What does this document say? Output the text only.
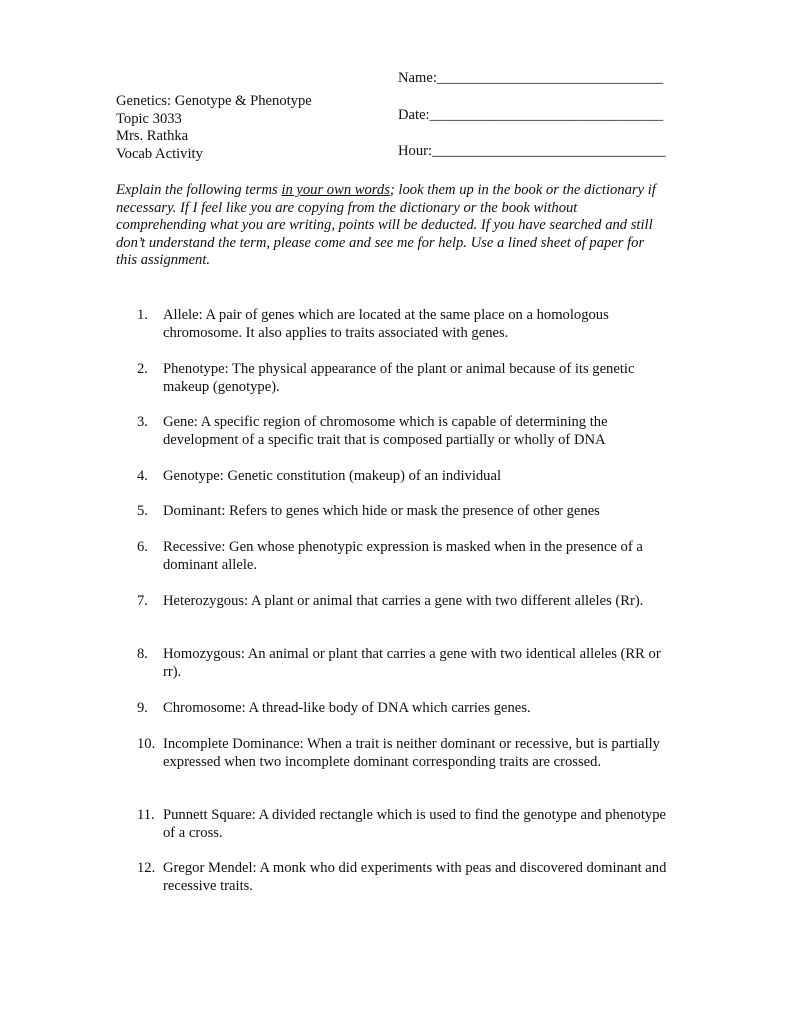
Genetics: Genotype & Phenotype
Topic 3033
Mrs. Rathka
Vocab Activity
Name:_______________________________
Date:________________________________
Hour:________________________________
Explain the following terms in your own words; look them up in the book or the dictionary if necessary. If I feel like you are copying from the dictionary or the book without comprehending what you are writing, points will be deducted. If you have searched and still don’t understand the term, please come and see me for help. Use a lined sheet of paper for this assignment.
1.	Allele: A pair of genes which are located at the same place on a homologous chromosome. It also applies to traits associated with genes.
2.	Phenotype: The physical appearance of the plant or animal because of its genetic makeup (genotype).
3.	Gene: A specific region of chromosome which is capable of determining the development of a specific trait that is composed partially or wholly of DNA
4.	Genotype: Genetic constitution (makeup) of an individual
5.	Dominant: Refers to genes which hide or mask the presence of other genes
6.	Recessive: Gen whose phenotypic expression is masked when in the presence of a dominant allele.
7.	Heterozygous: A plant or animal that carries a gene with two different alleles (Rr).
8.	Homozygous: An animal or plant that carries a gene with two identical alleles (RR or rr).
9.	Chromosome: A thread-like body of DNA which carries genes.
10. Incomplete Dominance: When a trait is neither dominant or recessive, but is partially expressed when two incomplete dominant corresponding traits are crossed.
11. Punnett Square: A divided rectangle which is used to find the genotype and phenotype of a cross.
12. Gregor Mendel: A monk who did experiments with peas and discovered dominant and recessive traits.
